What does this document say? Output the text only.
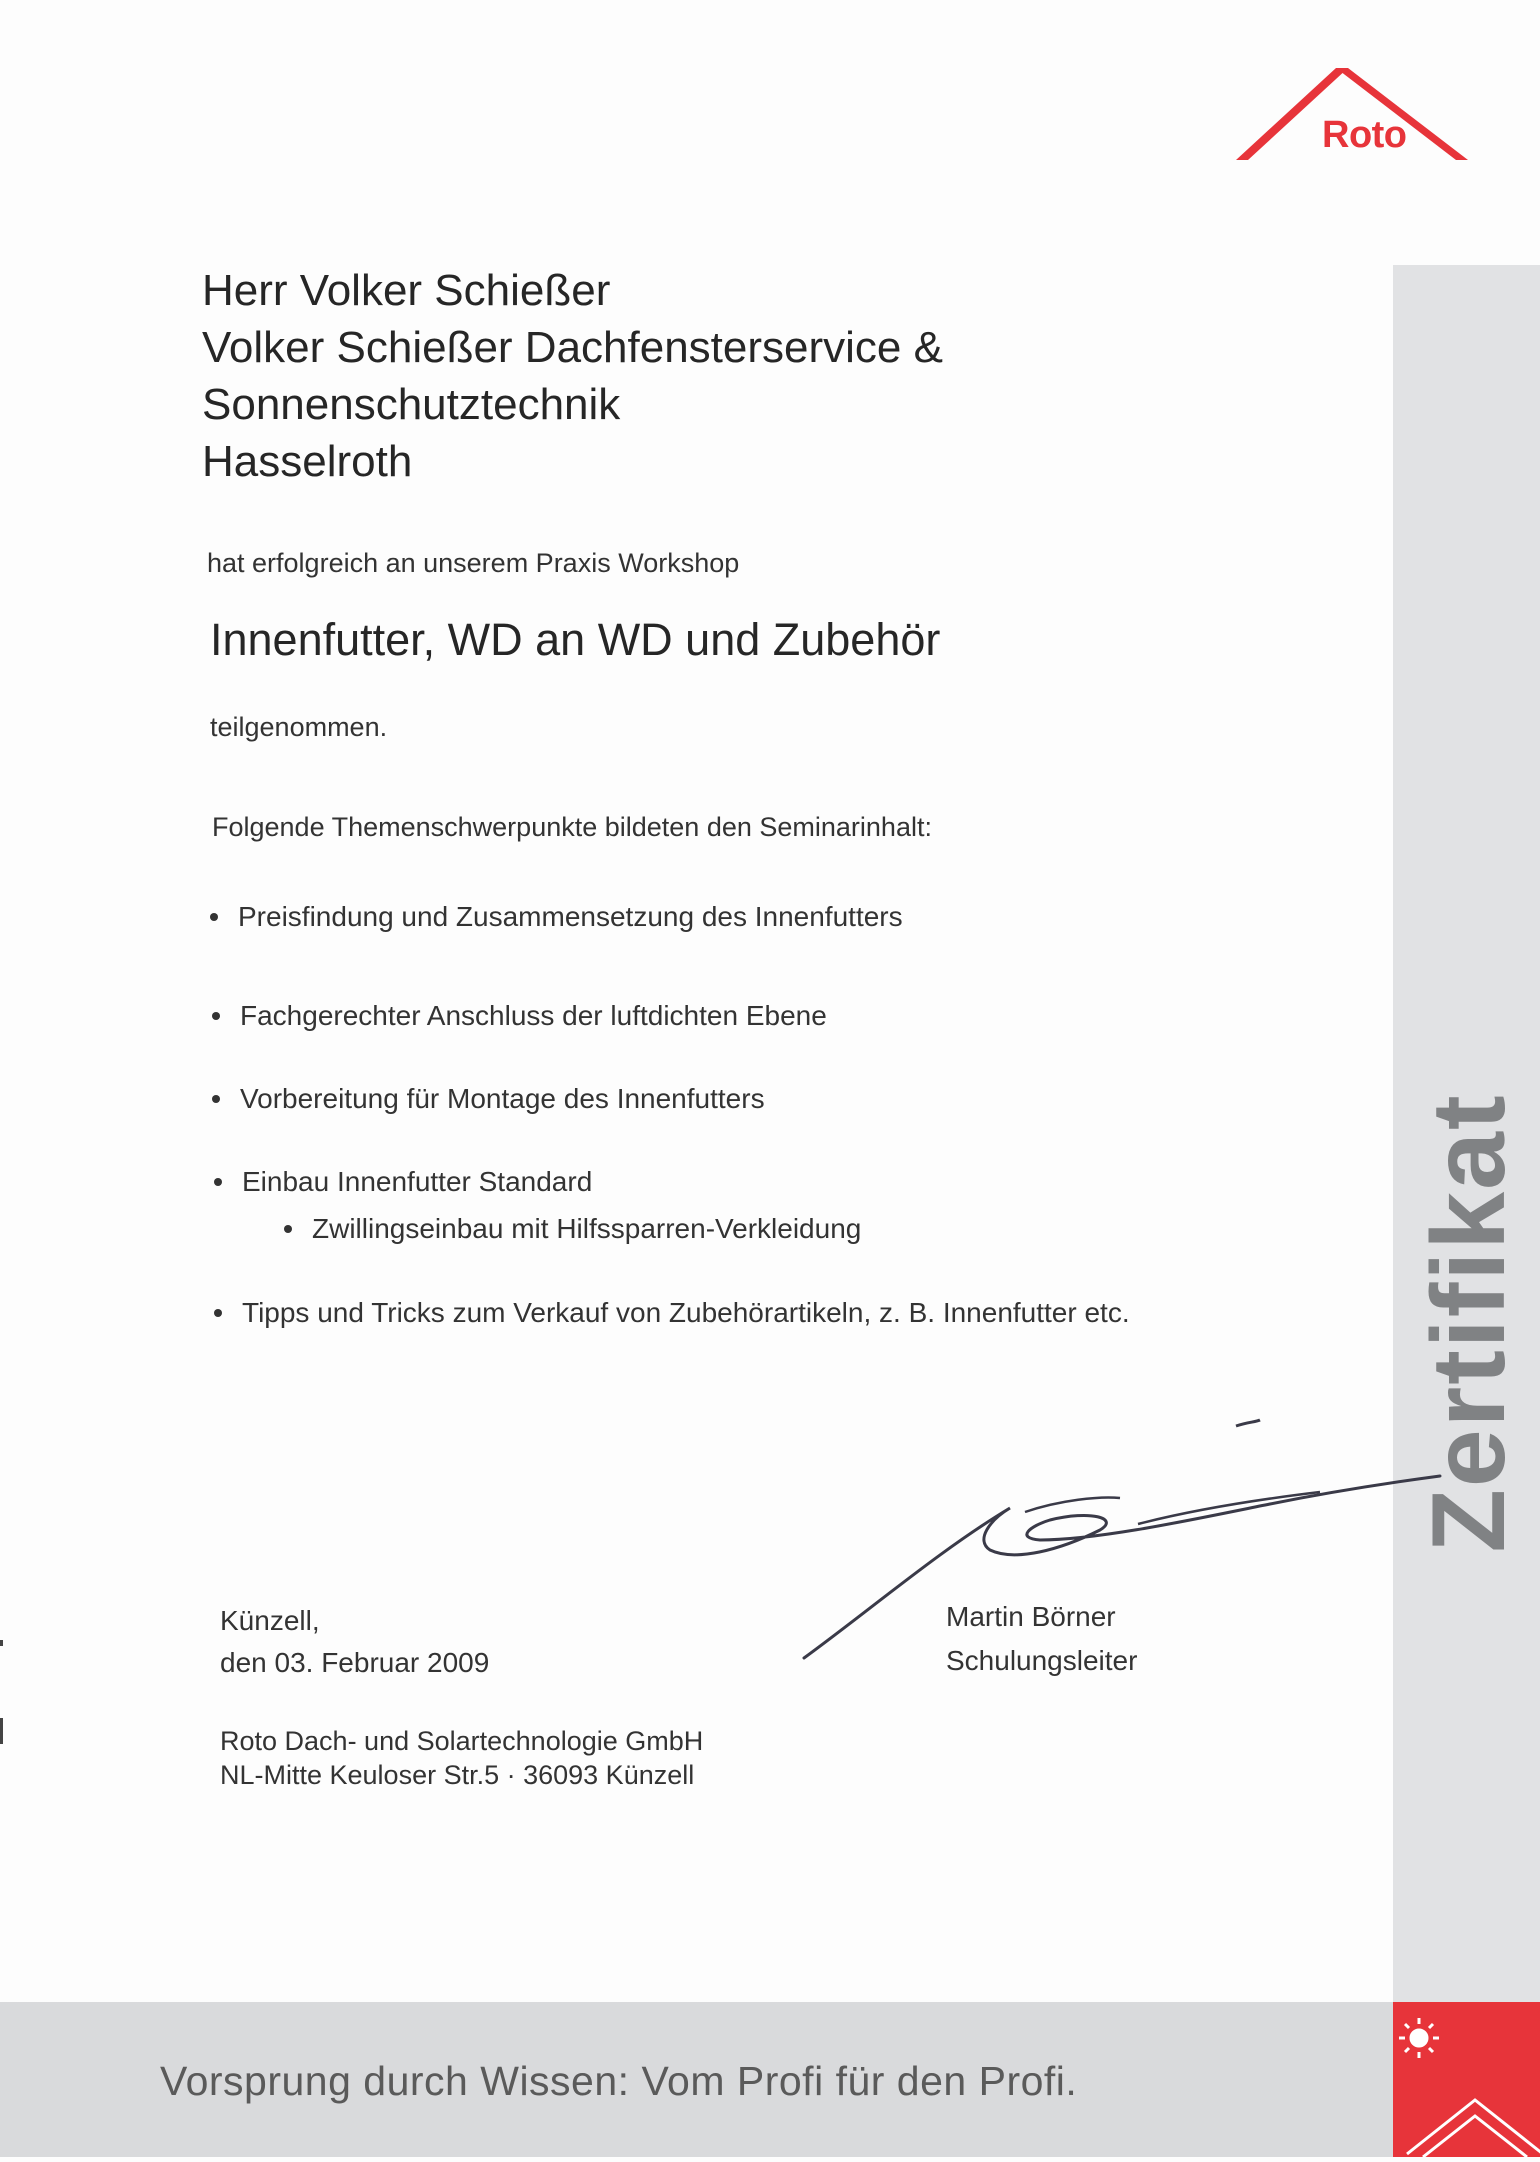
Roto
Zertifikat
Herr Volker Schießer
Volker Schießer Dachfensterservice &
Sonnenschutztechnik
Hasselroth

hat erfolgreich an unserem Praxis Workshop

Innenfutter, WD an WD und Zubehör

teilgenommen.

Folgende Themenschwerpunkte bildeten den Seminarinhalt:

Preisfindung und Zusammensetzung des Innenfutters
Fachgerechter Anschluss der luftdichten Ebene
Vorbereitung für Montage des Innenfutters
Einbau Innenfutter Standard
Zwillingseinbau mit Hilfssparren-Verkleidung
Tipps und Tricks zum Verkauf von Zubehörartikeln, z. B. Innenfutter etc.
Martin Börner
Schulungsleiter
Künzell,
den 03. Februar 2009
Roto Dach- und Solartechnologie GmbH
NL-Mitte Keuloser Str.5 · 36093 Künzell

Vorsprung durch Wissen: Vom Profi für den Profi.
